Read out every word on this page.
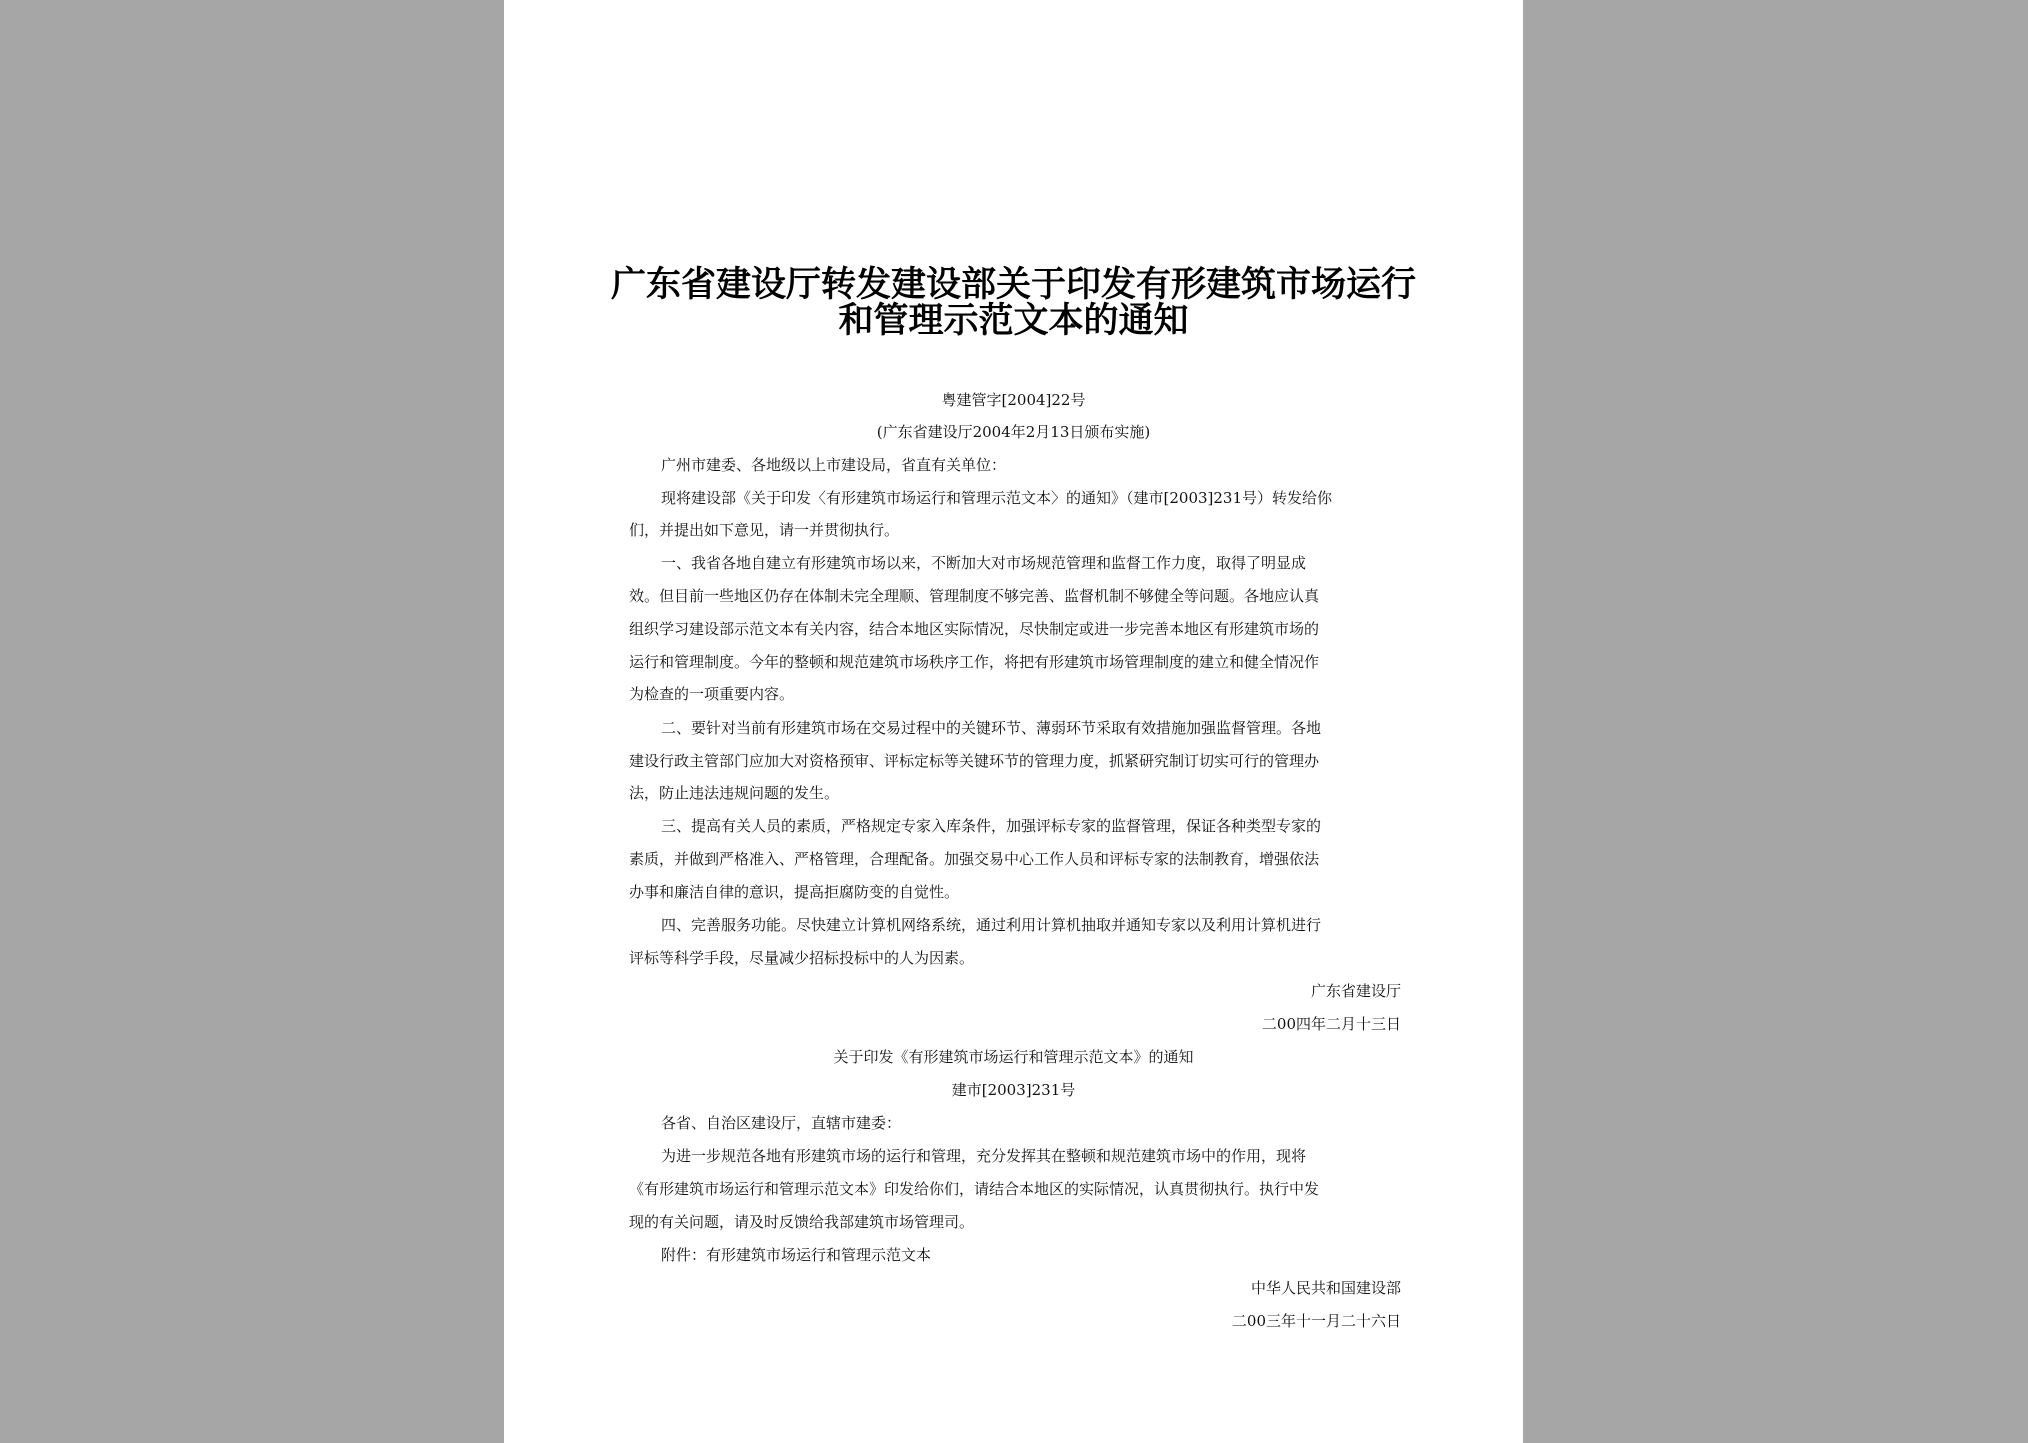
广东省建设厅转发建设部关于印发有形建筑市场运行
和管理示范文本的通知
粤建管字[2004]22号
(广东省建设厅2004年2月13日颁布实施)
广州市建委、各地级以上市建设局，省直有关单位：
现将建设部《关于印发〈有形建筑市场运行和管理示范文本〉的通知》（建市[2003]231号）转发给你
们，并提出如下意见，请一并贯彻执行。
一、我省各地自建立有形建筑市场以来，不断加大对市场规范管理和监督工作力度，取得了明显成
效。但目前一些地区仍存在体制未完全理顺、管理制度不够完善、监督机制不够健全等问题。各地应认真
组织学习建设部示范文本有关内容，结合本地区实际情况，尽快制定或进一步完善本地区有形建筑市场的
运行和管理制度。今年的整顿和规范建筑市场秩序工作，将把有形建筑市场管理制度的建立和健全情况作
为检查的一项重要内容。
二、要针对当前有形建筑市场在交易过程中的关键环节、薄弱环节采取有效措施加强监督管理。各地
建设行政主管部门应加大对资格预审、评标定标等关键环节的管理力度，抓紧研究制订切实可行的管理办
法，防止违法违规问题的发生。
三、提高有关人员的素质，严格规定专家入库条件，加强评标专家的监督管理，保证各种类型专家的
素质，并做到严格准入、严格管理，合理配备。加强交易中心工作人员和评标专家的法制教育，增强依法
办事和廉洁自律的意识，提高拒腐防变的自觉性。
四、完善服务功能。尽快建立计算机网络系统，通过利用计算机抽取并通知专家以及利用计算机进行
评标等科学手段，尽量减少招标投标中的人为因素。
广东省建设厅
二00四年二月十三日
关于印发《有形建筑市场运行和管理示范文本》的通知
建市[2003]231号
各省、自治区建设厅，直辖市建委：
为进一步规范各地有形建筑市场的运行和管理，充分发挥其在整顿和规范建筑市场中的作用，现将
《有形建筑市场运行和管理示范文本》印发给你们，请结合本地区的实际情况，认真贯彻执行。执行中发
现的有关问题，请及时反馈给我部建筑市场管理司。
附件：有形建筑市场运行和管理示范文本
中华人民共和国建设部
二00三年十一月二十六日
